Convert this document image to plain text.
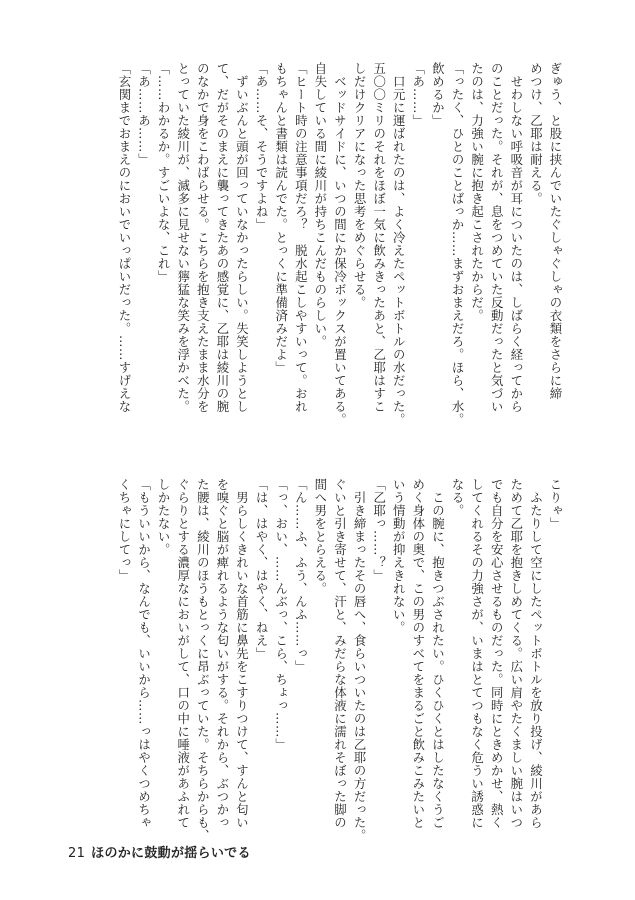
ぎゅう、と股に挟んでいたぐしゃぐしゃの衣類をさらに締

めつけ、乙耶は耐える。

　せわしない呼吸音が耳についたのは、しばらく経ってから

のことだった。それが、息をつめていた反動だったと気づい

たのは、力強い腕に抱き起こされたからだ。

「ったく、ひとのことばっか……まずおまえだろ。ほら、水。

飲めるか」

「あ……」

　口元に運ばれたのは、よく冷えたペットボトルの水だった。

五〇〇ミリのそれをほぼ一気に飲みきったあと、乙耶はすこ

しだけクリアになった思考をめぐらせる。

　ベッドサイドに、いつの間にか保冷ボックスが置いてある。

自失している間に綾川が持ちこんだものらしい。

「ヒート時の注意事項だろ？　脱水起こしやすいって。おれ

もちゃんと書類は読んでた。とっくに準備済みだよ」

「あ……そ、そうですよね」

　ずいぶんと頭が回っていなかったらしい。失笑しようとし

て、だがそのまえに襲ってきたあの感覚に、乙耶は綾川の腕

のなかで身をこわばらせる。こちらを抱き支えたまま水分を

とっていた綾川が、滅多に見せない獰猛な笑みを浮かべた。

「……わかるか。すごいよな、これ」

「あ……あ……」

「玄関までおまえのにおいでいっぱいだった。……すげえな

こりゃ」

　ふたりして空にしたペットボトルを放り投げ、綾川があら

ためて乙耶を抱きしめてくる。広い肩やたくましい腕はいつ

でも自分を安心させるものだった。同時にときめかせ、熱く

してくれるその力強さが、いまはとてつもなく危うい誘惑に

なる。

　この腕に、抱きつぶされたい。ひくひくとはしたなくうご

めく身体の奥で、この男のすべてをまるごと飲みこみたいと

いう情動が抑えきれない。

「乙耶っ……？」

　引き締まったその唇へ、食らいついたのは乙耶の方だった。

ぐいと引き寄せて、汗と、みだらな体液に濡れそぼった脚の

間へ男をとらえる。

「ん……ふ、ふう、んふ……っ」

「っ、おい、……んぶっ、こら、ちょっ……」

「は、はやく、はやく、ねえ」

　男らしくきれいな首筋に鼻先をこすりつけて、すんと匂い

を嗅ぐと脳が痺れるような匂いがする。それから、ぶつかっ

た腰は、綾川のほうもとっくに昂ぶっていた。そちらからも、

ぐらりとする濃厚なにおいがして、口の中に唾液があふれて

しかたない。

「もういいから、なんでも、いいから……っはやくつめちゃ

くちゃにしてっ」

21 ほのかに鼓動が揺らいでる
